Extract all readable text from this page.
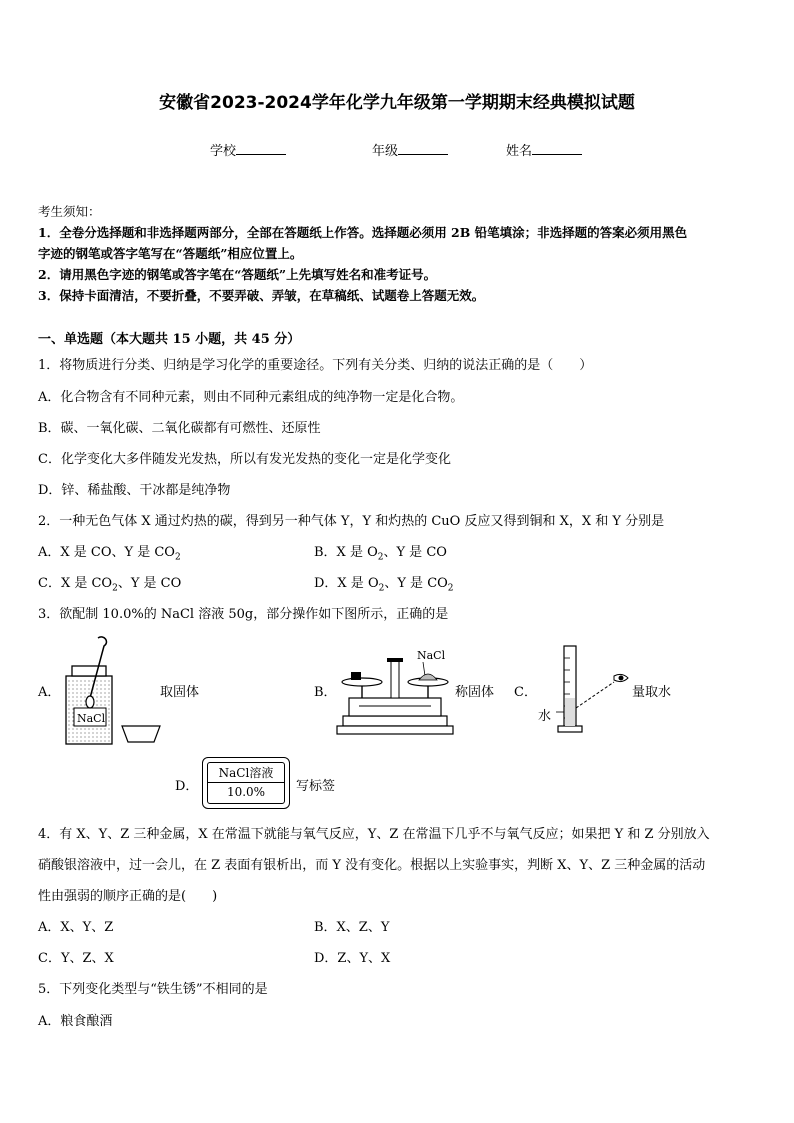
安徽省2023-2024学年化学九年级第一学期期末经典模拟试题
学校	年级	姓名
考生须知：
1．全卷分选择题和非选择题两部分，全部在答题纸上作答。选择题必须用 2B 铅笔填涂；非选择题的答案必须用黑色
字迹的钢笔或答字笔写在“答题纸”相应位置上。
2．请用黑色字迹的钢笔或答字笔在“答题纸”上先填写姓名和准考证号。
3．保持卡面清洁，不要折叠，不要弄破、弄皱，在草稿纸、试题卷上答题无效。
一、单选题（本大题共 15 小题，共 45 分）
1．将物质进行分类、归纳是学习化学的重要途径。下列有关分类、归纳的说法正确的是（　　）
A．化合物含有不同种元素，则由不同种元素组成的纯净物一定是化合物。
B．碳、一氧化碳、二氧化碳都有可燃性、还原性
C．化学变化大多伴随发光发热，所以有发光发热的变化一定是化学变化
D．锌、稀盐酸、干冰都是纯净物
2．一种无色气体 X 通过灼热的碳，得到另一种气体 Y，Y 和灼热的 CuO 反应又得到铜和 X，X 和 Y 分别是
A．X 是 CO、Y 是 $CO_2$	B．X 是 $O_2$、Y 是 CO
C．X 是 $CO_2$、Y 是 CO	D．X 是 $O_2$、Y 是 $CO_2$
3．欲配制 10.0%的 NaCl 溶液 50g，部分操作如下图所示，正确的是
A．
NaCl
取固体	B．
NaCl
称固体 C．
水
量取水
D．
NaCl溶液
10.0%	写标签
4．有 X、Y、Z 三种金属，X 在常温下就能与氧气反应，Y、Z 在常温下几乎不与氧气反应；如果把 Y 和 Z 分别放入
硝酸银溶液中，过一会儿，在 Z 表面有银析出，而 Y 没有变化。根据以上实验事实，判断 X、Y、Z 三种金属的活动
性由强弱的顺序正确的是(　　)
A．X、Y、Z	B．X、Z、Y
C．Y、Z、X	D．Z、Y、X
5．下列变化类型与“铁生锈”不相同的是
A．粮食酿酒
